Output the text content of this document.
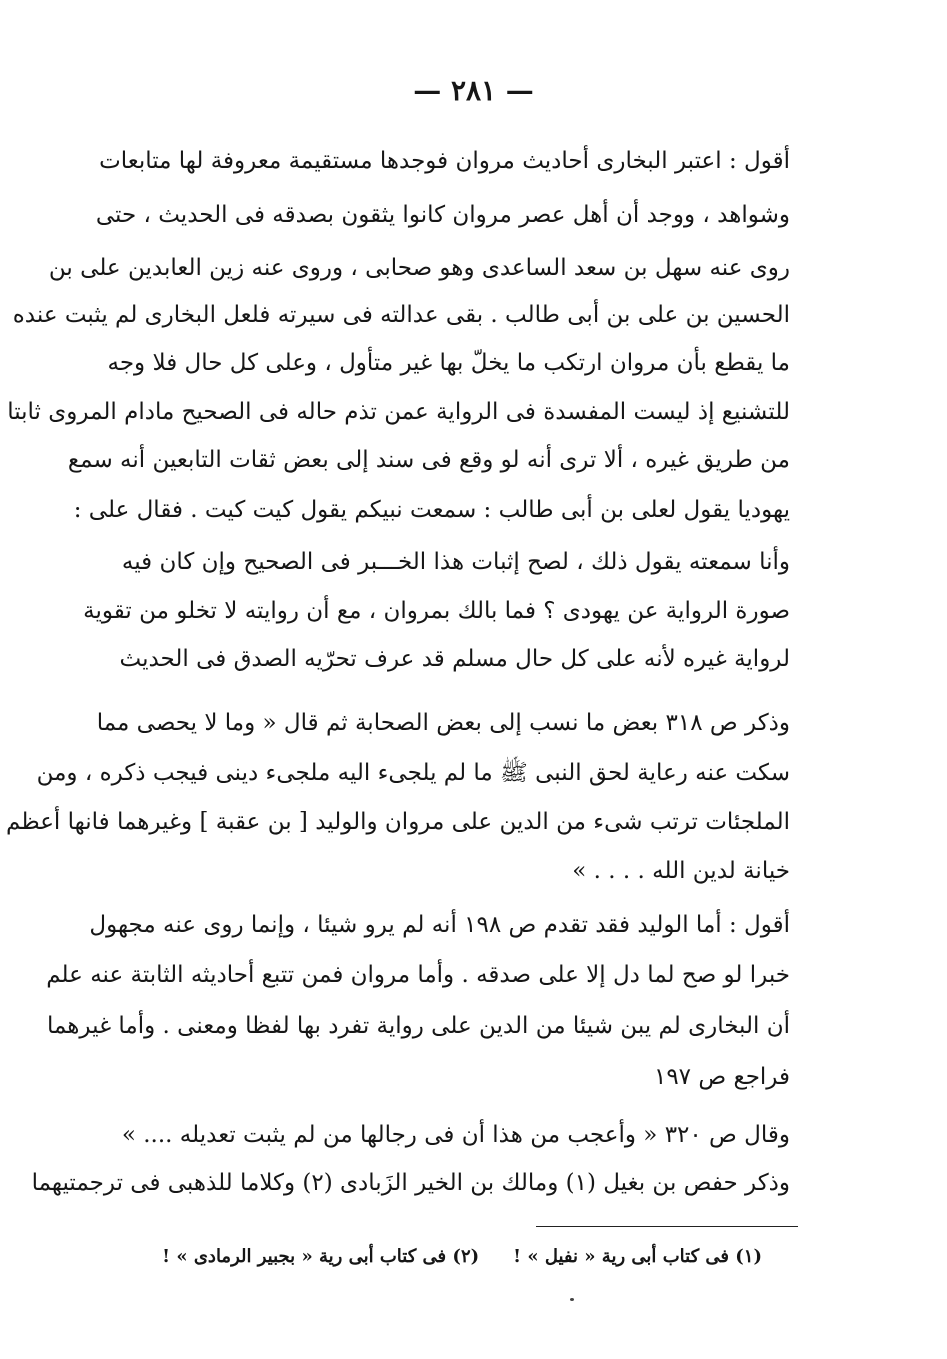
— ٢٨١ —
أقول : اعتبر البخارى أحاديث مروان فوجدها مستقيمة معروفة لها متابعات
وشواهد ، ووجد أن أهل عصر مروان كانوا يثقون بصدقه فى الحديث ، حتى
روى عنه سهل بن سعد الساعدى وهو صحابى ، وروى عنه زين العابدين على بن
الحسين بن على بن أبى طالب . بقى عدالته فى سيرته فلعل البخارى لم يثبت عنده
ما يقطع بأن مروان ارتكب ما يخلّ بها غير متأول ، وعلى كل حال فلا وجه
للتشنيع إذ ليست المفسدة فى الرواية عمن تذم حاله فى الصحيح مادام المروى ثابتا
من طريق غيره ، ألا ترى أنه لو وقع فى سند إلى بعض ثقات التابعين أنه سمع
يهوديا يقول لعلى بن أبى طالب : سمعت نبيكم يقول كيت كيت . فقال على :
وأنا سمعته يقول ذلك ، لصح إثبات هذا الخـــبر فى الصحيح وإن كان فيه
صورة الرواية عن يهودى ؟ فما بالك بمروان ، مع أن روايته لا تخلو من تقوية
لرواية غيره لأنه على كل حال مسلم قد عرف تحرّيه الصدق فى الحديث
وذكر ص ٣١٨ بعض ما نسب إلى بعض الصحابة ثم قال « وما لا يحصى مما
سكت عنه رعاية لحق النبى ﷺ ما لم يلجىء اليه ملجىء دينى فيجب ذكره ، ومن
الملجئات ترتب شىء من الدين على مروان والوليد [ بن عقبة ] وغيرهما فانها أعظم
خيانة لدين الله . . . . »
أقول : أما الوليد فقد تقدم ص ١٩٨ أنه لم يرو شيئا ، وإنما روى عنه مجهول
خبرا لو صح لما دل إلا على صدقه . وأما مروان فمن تتبع أحاديثه الثابتة عنه علم
أن البخارى لم يبن شيئا من الدين على رواية تفرد بها لفظا ومعنى . وأما غيرهما
فراجع ص ١٩٧
وقال ص ٣٢٠ « وأعجب من هذا أن فى رجالها من لم يثبت تعديله .... »
وذكر حفص بن بغيل (١) ومالك بن الخير الزَبادى (٢) وكلاما للذهبى فى ترجمتيهما
(١) فى كتاب أبى رية « نفيل » !
(٢) فى كتاب أبى رية « بجبير الرمادى » !
